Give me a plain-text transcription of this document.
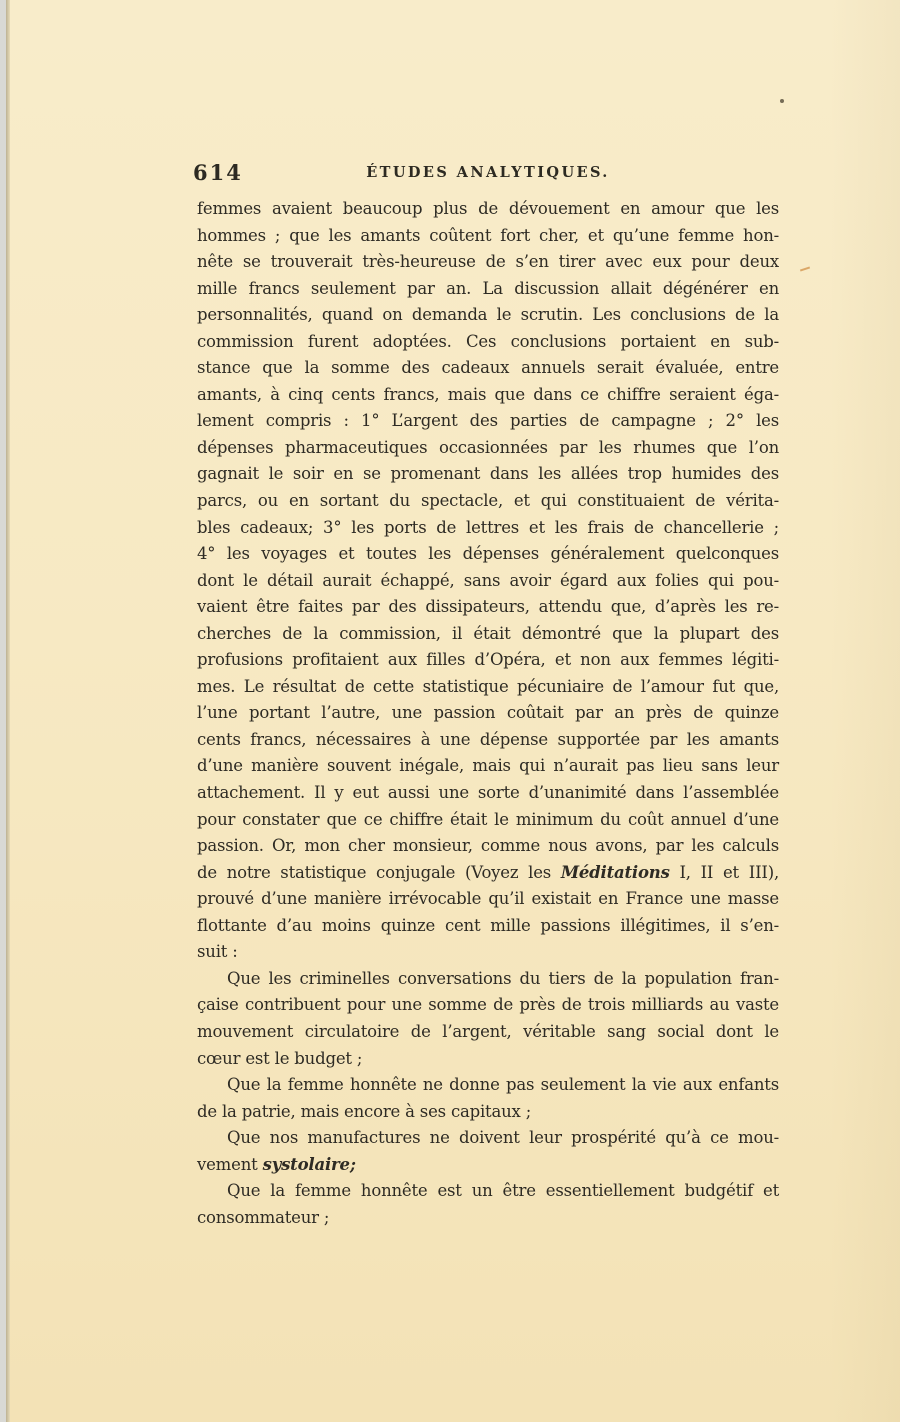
614	ÉTUDES ANALYTIQUES.
femmes avaient beaucoup plus de dévouement en amour que les
hommes ; que les amants coûtent fort cher, et qu’une femme hon-
nête se trouverait très-heureuse de s’en tirer avec eux pour deux
mille francs seulement par an. La discussion allait dégénérer en
personnalités, quand on demanda le scrutin. Les conclusions de la
commission furent adoptées. Ces conclusions portaient en sub-
stance que la somme des cadeaux annuels serait évaluée, entre
amants, à cinq cents francs, mais que dans ce chiffre seraient éga-
lement compris : 1° L’argent des parties de campagne ; 2° les
dépenses pharmaceutiques occasionnées par les rhumes que l’on
gagnait le soir en se promenant dans les allées trop humides des
parcs, ou en sortant du spectacle, et qui constituaient de vérita-
bles cadeaux; 3° les ports de lettres et les frais de chancellerie ;
4° les voyages et toutes les dépenses généralement quelconques
dont le détail aurait échappé, sans avoir égard aux folies qui pou-
vaient être faites par des dissipateurs, attendu que, d’après les re-
cherches de la commission, il était démontré que la plupart des
profusions profitaient aux filles d’Opéra, et non aux femmes légiti-
mes. Le résultat de cette statistique pécuniaire de l’amour fut que,
l’une portant l’autre, une passion coûtait par an près de quinze
cents francs, nécessaires à une dépense supportée par les amants
d’une manière souvent inégale, mais qui n’aurait pas lieu sans leur
attachement. Il y eut aussi une sorte d’unanimité dans l’assemblée
pour constater que ce chiffre était le minimum du coût annuel d’une
passion. Or, mon cher monsieur, comme nous avons, par les calculs
de notre statistique conjugale (Voyez les Méditations I, II et III),
prouvé d’une manière irrévocable qu’il existait en France une masse
flottante d’au moins quinze cent mille passions illégitimes, il s’en-
suit :
Que les criminelles conversations du tiers de la population fran-
çaise contribuent pour une somme de près de trois milliards au vaste
mouvement circulatoire de l’argent, véritable sang social dont le
cœur est le budget ;
Que la femme honnête ne donne pas seulement la vie aux enfants
de la patrie, mais encore à ses capitaux ;
Que nos manufactures ne doivent leur prospérité qu’à ce mou-
vement systolaire;
Que la femme honnête est un être essentiellement budgétif et
consommateur ;
